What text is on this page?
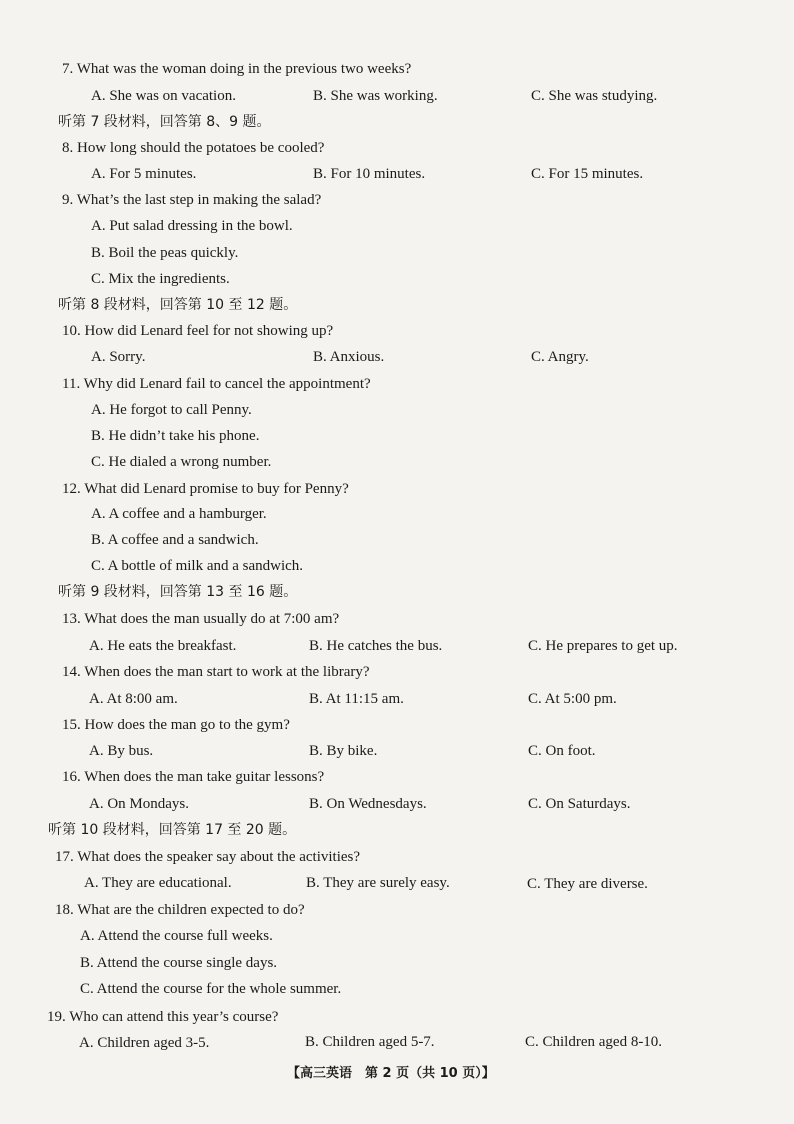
7. What was the woman doing in the previous two weeks?
A. She was on vacation.	B. She was working.	C. She was studying.
听第 7 段材料，回答第 8、9 题。
8. How long should the potatoes be cooled?
A. For 5 minutes.	B. For 10 minutes.	C. For 15 minutes.
9. What’s the last step in making the salad?
A. Put salad dressing in the bowl.
B. Boil the peas quickly.
C. Mix the ingredients.
听第 8 段材料，回答第 10 至 12 题。
10. How did Lenard feel for not showing up?
A. Sorry.	B. Anxious.	C. Angry.
11. Why did Lenard fail to cancel the appointment?
A. He forgot to call Penny.
B. He didn’t take his phone.
C. He dialed a wrong number.
12. What did Lenard promise to buy for Penny?
A. A coffee and a hamburger.
B. A coffee and a sandwich.
C. A bottle of milk and a sandwich.
听第 9 段材料，回答第 13 至 16 题。
13. What does the man usually do at 7:00 am?
A. He eats the breakfast.	B. He catches the bus.	C. He prepares to get up.
14. When does the man start to work at the library?
A. At 8:00 am.	B. At 11:15 am.	C. At 5:00 pm.
15. How does the man go to the gym?
A. By bus.	B. By bike.	C. On foot.
16. When does the man take guitar lessons?
A. On Mondays.	B. On Wednesdays.	C. On Saturdays.
听第 10 段材料，回答第 17 至 20 题。
17. What does the speaker say about the activities?
A. They are educational.	B. They are surely easy.	C. They are diverse.
18. What are the children expected to do?
A. Attend the course full weeks.
B. Attend the course single days.
C. Attend the course for the whole summer.
19. Who can attend this year’s course?
A. Children aged 3-5.	B. Children aged 5-7.	C. Children aged 8-10.
【高三英语　第 2 页（共 10 页）】
